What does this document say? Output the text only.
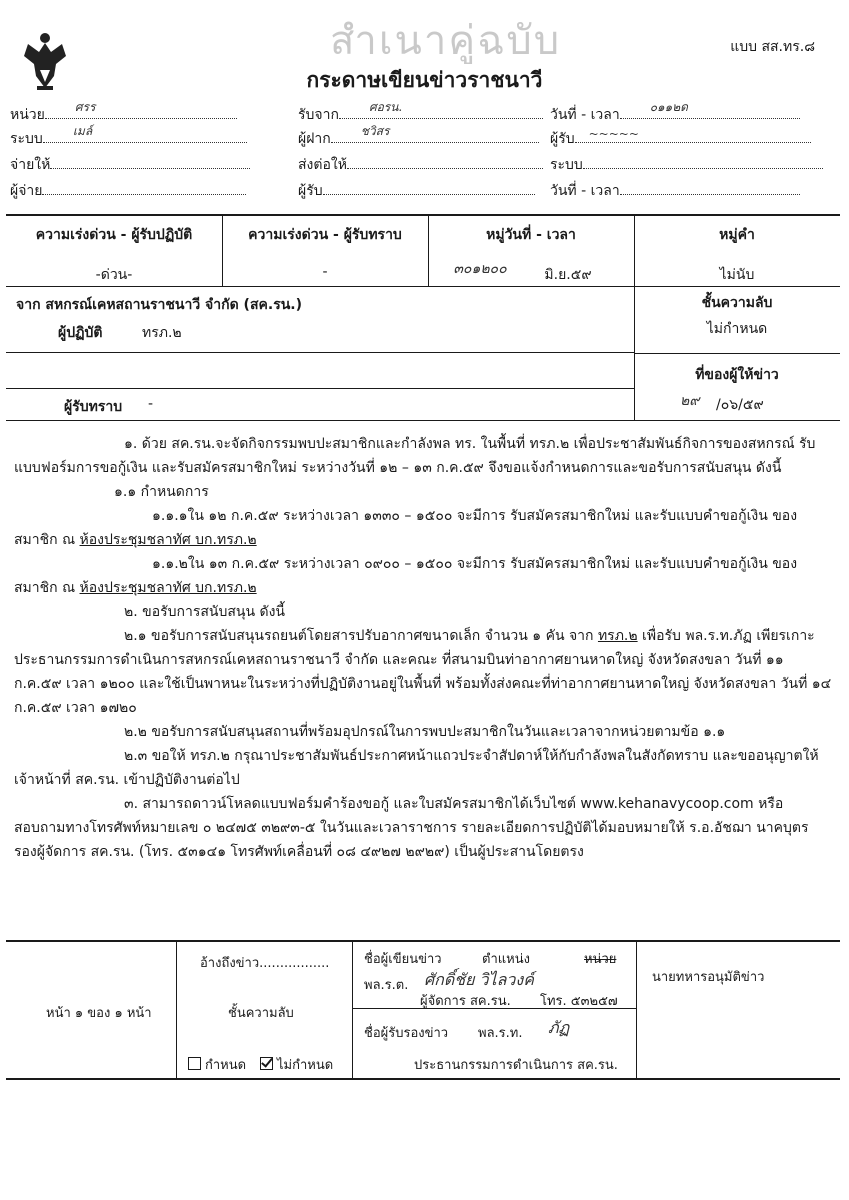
สำเนาคู่ฉบับ	แบบ สส.ทร.๘
กระดาษเขียนข่าวราชนาวี
หน่วย	ศรร	รับจาก	ศอรน.	วันที่ - เวลา	๐๑๑๒ด
ระบบ	เมล์	ผู้ฝาก	ชวิสร	ผู้รับ ~~~~~
จ่ายให้	ส่งต่อให้	ระบบ
ผู้จ่าย	ผู้รับ	วันที่ - เวลา
ความเร่งด่วน - ผู้รับปฏิบัติ	ความเร่งด่วน - ผู้รับทราบ	หมู่วันที่ - เวลา	หมู่คำ
-ด่วน-	-	๓๐๑๒๐๐	มิ.ย.๕๙	ไม่นับ
จาก สหกรณ์เคหสถานราชนาวี จำกัด (สค.รน.)
ผู้ปฏิบัติ	ทรภ.๒
ผู้รับทราบ -
ชั้นความลับ
ไม่กำหนด
ที่ของผู้ให้ข่าว
๒๙ /๐๖/๕๙

๑. ด้วย สค.รน.จะจัดกิจกรรมพบปะสมาชิกและกำลังพล ทร. ในพื้นที่ ทรภ.๒ เพื่อประชาสัมพันธ์กิจการของสหกรณ์ รับแบบฟอร์มการขอกู้เงิน และรับสมัครสมาชิกใหม่ ระหว่างวันที่ ๑๒ – ๑๓ ก.ค.๕๙ จึงขอแจ้งกำหนดการและขอรับการสนับสนุน ดังนี้

๑.๑ กำหนดการ

๑.๑.๑ใน ๑๒ ก.ค.๕๙ ระหว่างเวลา ๑๓๓๐ – ๑๕๐๐ จะมีการ รับสมัครสมาชิกใหม่ และรับแบบคำขอกู้เงิน ของสมาชิก ณ ห้องประชุมชลาทัศ บก.ทรภ.๒

๑.๑.๒ใน ๑๓ ก.ค.๕๙ ระหว่างเวลา ๐๙๐๐ – ๑๕๐๐ จะมีการ รับสมัครสมาชิกใหม่ และรับแบบคำขอกู้เงิน ของสมาชิก ณ ห้องประชุมชลาทัศ บก.ทรภ.๒

๒. ขอรับการสนับสนุน ดังนี้

๒.๑ ขอรับการสนับสนุนรถยนต์โดยสารปรับอากาศขนาดเล็ก จำนวน ๑ คัน จาก ทรภ.๒ เพื่อรับ พล.ร.ท.ภัฏ เพียรเกาะ ประธานกรรมการดำเนินการสหกรณ์เคหสถานราชนาวี จำกัด และคณะ ที่สนามบินท่าอากาศยานหาดใหญ่ จังหวัดสงขลา วันที่ ๑๑ ก.ค.๕๙ เวลา ๑๒๐๐ และใช้เป็นพาหนะในระหว่างที่ปฏิบัติงานอยู่ในพื้นที่ พร้อมทั้งส่งคณะที่ท่าอากาศยานหาดใหญ่ จังหวัดสงขลา วันที่ ๑๔ ก.ค.๕๙ เวลา ๑๗๒๐

๒.๒ ขอรับการสนับสนุนสถานที่พร้อมอุปกรณ์ในการพบปะสมาชิกในวันและเวลาจากหน่วยตามข้อ ๑.๑

๒.๓ ขอให้ ทรภ.๒ กรุณาประชาสัมพันธ์ประกาศหน้าแถวประจำสัปดาห์ให้กับกำลังพลในสังกัดทราบ และขออนุญาตให้เจ้าหน้าที่ สค.รน. เข้าปฏิบัติงานต่อไป

๓. สามารถดาวน์โหลดแบบฟอร์มคำร้องขอกู้ และใบสมัครสมาชิกได้เว็บไซต์ www.kehanavycoop.com หรือ สอบถามทางโทรศัพท์หมายเลข ๐ ๒๔๗๕ ๓๒๙๓-๕ ในวันและเวลาราชการ รายละเอียดการปฏิบัติได้มอบหมายให้ ร.อ.อัชฌา นาคบุตร รองผู้จัดการ สค.รน. (โทร. ๕๓๑๔๑ โทรศัพท์เคลื่อนที่ ๐๘ ๔๙๒๗ ๒๙๒๙) เป็นผู้ประสานโดยตรง

หน้า ๑ ของ ๑ หน้า
อ้างถึงข่าว.................
ชั้นความลับ
กำหนด	ไม่กำหนด
ชื่อผู้เขียนข่าว	ตำแหน่ง	หน่วย
พล.ร.ต. ศักดิ์ชัย วิไลวงค์
ผู้จัดการ สค.รน. โทร. ๕๓๒๕๗
ชื่อผู้รับรองข่าว พล.ร.ท. ภัฏ
ประธานกรรมการดำเนินการ สค.รน.
นายทหารอนุมัติข่าว
